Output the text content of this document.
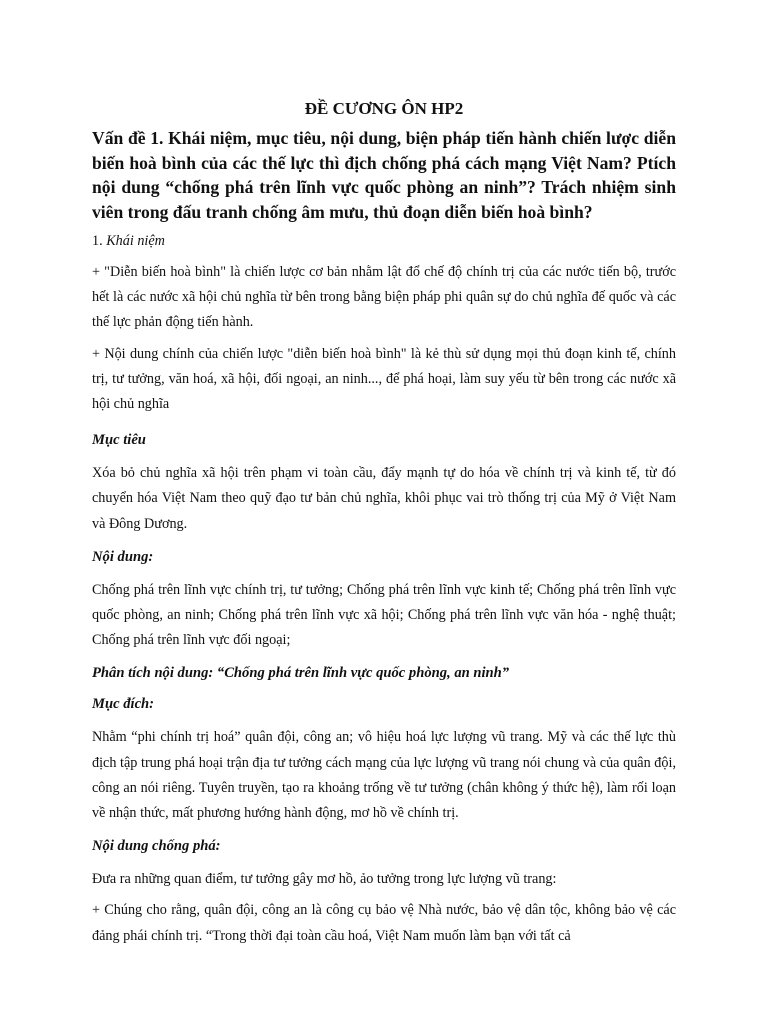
ĐỀ CƯƠNG ÔN HP2

Vấn đề 1. Khái niệm, mục tiêu, nội dung, biện pháp tiến hành chiến lược diễn biến hoà bình của các thế lực thì địch chống phá cách mạng Việt Nam? Ptích nội dung “chống phá trên lĩnh vực quốc phòng an ninh”? Trách nhiệm sinh viên trong đấu tranh chống âm mưu, thủ đoạn diễn biến hoà bình?

1. Khái niệm

+ "Diễn biến hoà bình" là chiến lược cơ bản nhằm lật đổ chế độ chính trị của các nước tiến bộ, trước hết là các nước xã hội chủ nghĩa từ bên trong bằng biện pháp phi quân sự do chủ nghĩa đế quốc và các thế lực phản động tiến hành.

+ Nội dung chính của chiến lược "diễn biến hoà bình" là kẻ thù sử dụng mọi thủ đoạn kinh tế, chính trị, tư tưởng, văn hoá, xã hội, đối ngoại, an ninh..., để phá hoại, làm suy yếu từ bên trong các nước xã hội chủ nghĩa

Mục tiêu

Xóa bỏ chủ nghĩa xã hội trên phạm vi toàn cầu, đẩy mạnh tự do hóa về chính trị và kinh tế, từ đó chuyển hóa Việt Nam theo quỹ đạo tư bản chủ nghĩa, khôi phục vai trò thống trị của Mỹ ở Việt Nam và Đông Dương.

Nội dung:

Chống phá trên lĩnh vực chính trị, tư tưởng; Chống phá trên lĩnh vực kinh tế; Chống phá trên lĩnh vực quốc phòng, an ninh; Chống phá trên lĩnh vực xã hội; Chống phá trên lĩnh vực văn hóa - nghệ thuật; Chống phá trên lĩnh vực đối ngoại;

Phân tích nội dung: “Chống phá trên lĩnh vực quốc phòng, an ninh”

Mục đích:

Nhằm “phi chính trị hoá” quân đội, công an; vô hiệu hoá lực lượng vũ trang. Mỹ và các thế lực thù địch tập trung phá hoại trận địa tư tưởng cách mạng của lực lượng vũ trang nói chung và của quân đội, công an nói riêng. Tuyên truyền, tạo ra khoảng trống về tư tưởng (chân không ý thức hệ), làm rối loạn về nhận thức, mất phương hướng hành động, mơ hồ về chính trị.

Nội dung chống phá:

Đưa ra những quan điểm, tư tưởng gây mơ hồ, ảo tưởng trong lực lượng vũ trang:

+ Chúng cho rằng, quân đội, công an là công cụ bảo vệ Nhà nước, bảo vệ dân tộc, không bảo vệ các đảng phái chính trị. “Trong thời đại toàn cầu hoá, Việt Nam muốn làm bạn với tất cả
